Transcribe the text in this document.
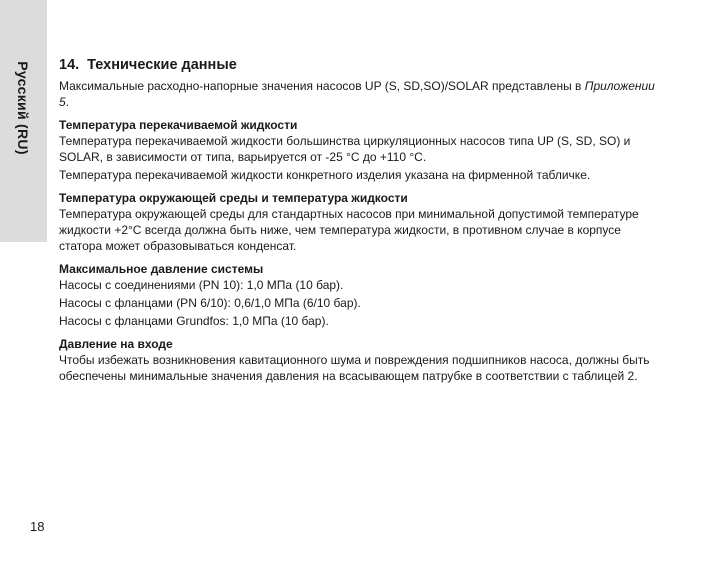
Русский (RU) 14. Технические данные

Максимальные расходно-напорные значения насосов UP (S, SD,SO)/SOLAR представлены в Приложении 5.

Температура перекачиваемой жидкости

Температура перекачиваемой жидкости большинства циркуляционных насосов типа UP (S, SD, SO) и SOLAR, в зависимости от типа, варьируется от -25 °C до +110 °C.

Температура перекачиваемой жидкости конкретного изделия указана на фирменной табличке.

Температура окружающей среды и температура жидкости

Температура окружающей среды для стандартных насосов при минимальной допустимой температуре жидкости +2°C всегда должна быть ниже, чем температура жидкости, в противном случае в корпусе статора может образовываться конденсат.

Максимальное давление системы

Насосы с соединениями (PN 10): 1,0 МПа (10 бар).

Насосы с фланцами (PN 6/10): 0,6/1,0 МПа (6/10 бар).

Насосы с фланцами Grundfos: 1,0 МПа (10 бар).

Давление на входе

Чтобы избежать возникновения кавитационного шума и повреждения подшипников насоса, должны быть обеспечены минимальные значения давления на всасывающем патрубке в соответствии с таблицей 2.

18
